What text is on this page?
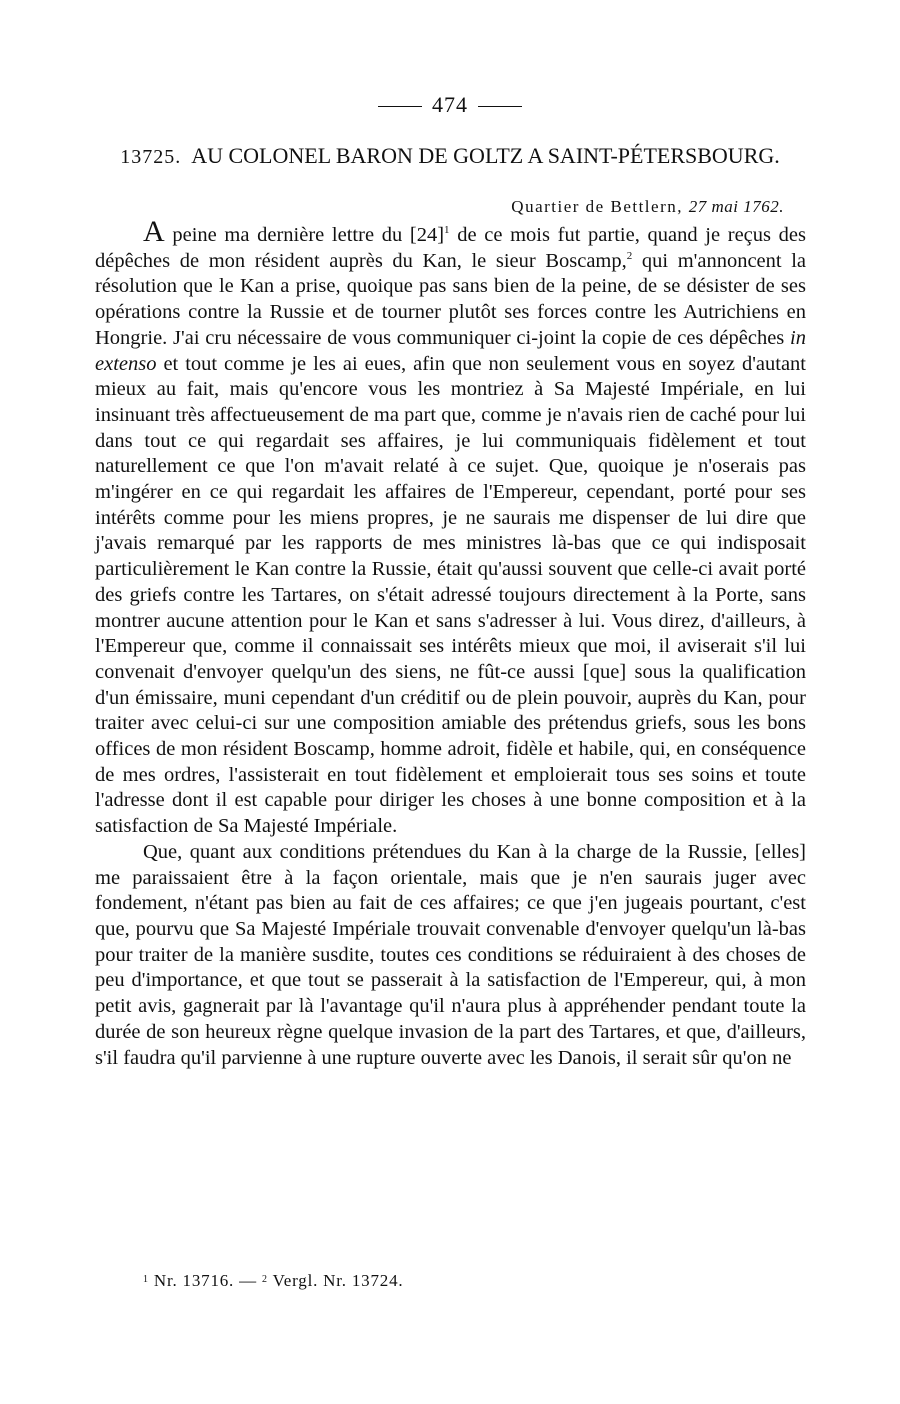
474
13725. AU COLONEL BARON DE GOLTZ A SAINT-PÉTERSBOURG.
Quartier de Bettlern, 27 mai 1762.

A peine ma dernière lettre du $[24]^1$ de ce mois fut partie, quand je reçus des dépêches de mon résident auprès du Kan, le sieur Boscamp,$^2$ qui m'annoncent la résolution que le Kan a prise, quoique pas sans bien de la peine, de se désister de ses opérations contre la Russie et de tourner plutôt ses forces contre les Autrichiens en Hongrie. J'ai cru nécessaire de vous communiquer ci-joint la copie de ces dépêches in extenso et tout comme je les ai eues, afin que non seulement vous en soyez d'autant mieux au fait, mais qu'encore vous les montriez à Sa Majesté Impériale, en lui insinuant très affectueusement de ma part que, comme je n'avais rien de caché pour lui dans tout ce qui regardait ses affaires, je lui communiquais fidèlement et tout naturellement ce que l'on m'avait relaté à ce sujet. Que, quoique je n'oserais pas m'ingérer en ce qui regardait les affaires de l'Empereur, cependant, porté pour ses intérêts comme pour les miens propres, je ne saurais me dispenser de lui dire que j'avais remarqué par les rapports de mes ministres là-bas que ce qui indisposait particulièrement le Kan contre la Russie, était qu'aussi souvent que celle-ci avait porté des griefs contre les Tartares, on s'était adressé toujours directement à la Porte, sans montrer aucune attention pour le Kan et sans s'adresser à lui. Vous direz, d'ailleurs, à l'Empereur que, comme il connaissait ses intérêts mieux que moi, il aviserait s'il lui convenait d'envoyer quelqu'un des siens, ne fût-ce aussi [que] sous la qualification d'un émissaire, muni cependant d'un créditif ou de plein pouvoir, auprès du Kan, pour traiter avec celui-ci sur une composition amiable des prétendus griefs, sous les bons offices de mon résident Boscamp, homme adroit, fidèle et habile, qui, en conséquence de mes ordres, l'assisterait en tout fidèlement et emploierait tous ses soins et toute l'adresse dont il est capable pour diriger les choses à une bonne composition et à la satisfaction de Sa Majesté Impériale.

Que, quant aux conditions prétendues du Kan à la charge de la Russie, [elles] me paraissaient être à la façon orientale, mais que je n'en saurais juger avec fondement, n'étant pas bien au fait de ces affaires; ce que j'en jugeais pourtant, c'est que, pourvu que Sa Majesté Impériale trouvait convenable d'envoyer quelqu'un là-bas pour traiter de la manière susdite, toutes ces conditions se réduiraient à des choses de peu d'importance, et que tout se passerait à la satisfaction de l'Empereur, qui, à mon petit avis, gagnerait par là l'avantage qu'il n'aura plus à appréhender pendant toute la durée de son heureux règne quelque invasion de la part des Tartares, et que, d'ailleurs, s'il faudra qu'il parvienne à une rupture ouverte avec les Danois, il serait sûr qu'on ne

$^1$ Nr. 13716. — $^2$ Vergl. Nr. 13724.
